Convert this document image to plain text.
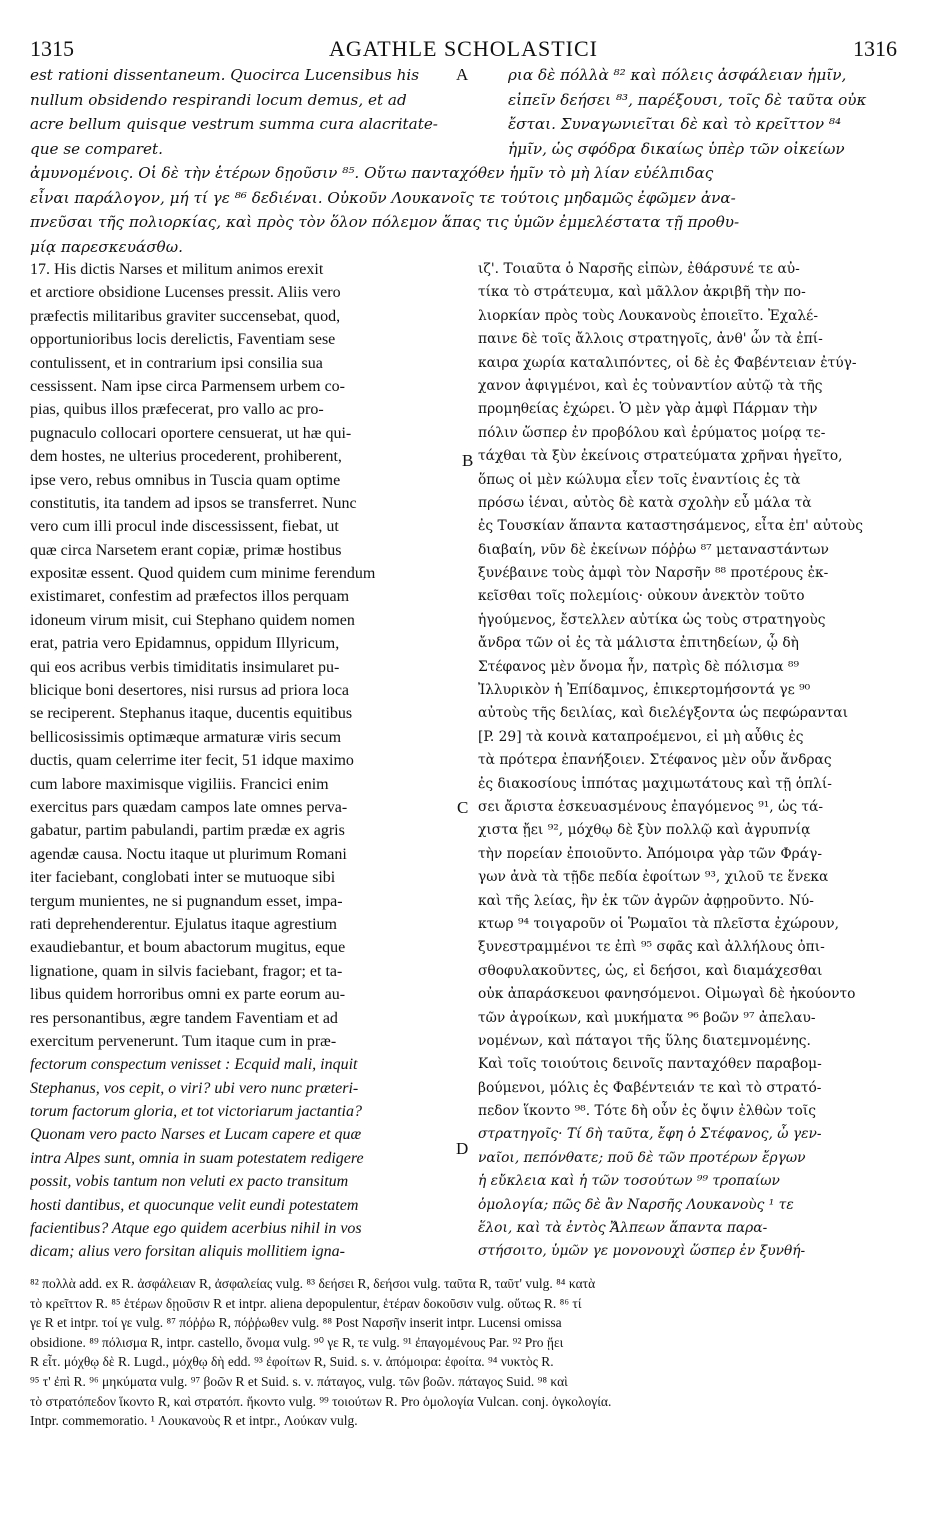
1315	AGATHLE SCHOLASTICI	1316
est rationi dissentaneum. Quocirca Lucensibus his	ρια δὲ πόλλὰ ⁸² καὶ πόλεις ἀσφάλειαν ἡμῖν,
nullum obsidendo respirandi locum demus, et ad	εἰπεῖν δεήσει ⁸³, παρέξουσι, τοῖς δὲ ταῦτα οὐκ
acre bellum quisque vestrum summa cura alacritate-	ἔσται. Συναγωνιεῖται δὲ καὶ τὸ κρεῖττον ⁸⁴
que se comparet.	ἡμῖν, ὡς σφόδρα δικαίως ὑπὲρ τῶν οἰκείων
ἀμυνομένοις. Οἱ δὲ τὴν ἑτέρων δῃοῦσιν ⁸⁵. Οὕτω πανταχόθεν ἡμῖν τὸ μὴ λίαν εὐέλπιδας
εἶναι παράλογον, μή τί γε ⁸⁶ δεδιέναι. Οὐκοῦν Λουκανοῖς τε τούτοις μηδαμῶς ἐφῶμεν ἀνα-
πνεῦσαι τῆς πολιορκίας, καὶ πρὸς τὸν ὅλον πόλεμον ἅπας τις ὑμῶν ἐμμελέστατα τῇ προθυ-
μίᾳ παρεσκευάσθω.
A
B
C
D
17. His dictis Narses et militum animos erexit
et arctiore obsidione Lucenses pressit. Aliis vero
præfectis militaribus graviter succensebat, quod,
opportunioribus locis derelictis, Faventiam sese
contulissent, et in contrarium ipsi consilia sua
cessissent. Nam ipse circa Parmensem urbem co-
pias, quibus illos præfecerat, pro vallo ac pro-
pugnaculo collocari oportere censuerat, ut hæ qui-
dem hostes, ne ulterius procederent, prohiberent,
ipse vero, rebus omnibus in Tuscia quam optime
constitutis, ita tandem ad ipsos se transferret. Nunc
vero cum illi procul inde discessissent, fiebat, ut
quæ circa Narsetem erant copiæ, primæ hostibus
expositæ essent. Quod quidem cum minime ferendum
existimaret, confestim ad præfectos illos perquam
idoneum virum misit, cui Stephano quidem nomen
erat, patria vero Epidamnus, oppidum Illyricum,
qui eos acribus verbis timiditatis insimularet pu-
blicique boni desertores, nisi rursus ad priora loca
se reciperent. Stephanus itaque, ducentis equitibus
bellicosissimis optimæque armaturæ viris secum
ductis, quam celerrime iter fecit, 51 idque maximo
cum labore maximisque vigiliis. Francici enim
exercitus pars quædam campos late omnes perva-
gabatur, partim pabulandi, partim prædæ ex agris
agendæ causa. Noctu itaque ut plurimum Romani
iter faciebant, conglobati inter se mutuoque sibi
tergum munientes, ne si pugnandum esset, impa-
rati deprehenderentur. Ejulatus itaque agrestium
exaudiebantur, et boum abactorum mugitus, eque
lignatione, quam in silvis faciebant, fragor; et ta-
libus quidem horroribus omni ex parte eorum au-
res personantibus, ægre tandem Faventiam et ad
exercitum pervenerunt. Tum itaque cum in præ-
fectorum conspectum venisset : Ecquid mali, inquit
Stephanus, vos cepit, o viri? ubi vero nunc præteri-
torum factorum gloria, et tot victoriarum jactantia?
Quonam vero pacto Narses et Lucam capere et quæ
intra Alpes sunt, omnia in suam potestatem redigere
possit, vobis tantum non veluti ex pacto transitum
hosti dantibus, et quocunque velit eundi potestatem
facientibus? Atque ego quidem acerbius nihil in vos
dicam; alius vero forsitan aliquis mollitiem igna-
ιζ'. Τοιαῦτα ὁ Ναρσῆς εἰπὼν, ἐθάρσυνέ τε αὐ-
τίκα τὸ στράτευμα, καὶ μᾶλλον ἀκριβῆ τὴν πο-
λιορκίαν πρὸς τοὺς Λουκανοὺς ἐποιεῖτο. Ἐχαλέ-
παινε δὲ τοῖς ἄλλοις στρατηγοῖς, ἀνθ' ὧν τὰ ἐπί-
καιρα χωρία καταλιπόντες, οἱ δὲ ἐς Φαβέντειαν ἐτύγ-
χανον ἀφιγμένοι, καὶ ἐς τοὐναντίον αὐτῷ τὰ τῆς
προμηθείας ἐχώρει. Ὁ μὲν γὰρ ἀμφὶ Πάρμαν τὴν
πόλιν ὥσπερ ἐν προβόλου καὶ ἐρύματος μοίρᾳ τε-
τάχθαι τὰ ξὺν ἐκείνοις στρατεύματα χρῆναι ἡγεῖτο,
ὅπως οἱ μὲν κώλυμα εἶεν τοῖς ἐναντίοις ἐς τὰ
πρόσω ἰέναι, αὐτὸς δὲ κατὰ σχολὴν εὖ μάλα τὰ
ἐς Τουσκίαν ἅπαντα καταστησάμενος, εἶτα ἐπ' αὐτοὺς
διαβαίη, νῦν δὲ ἐκείνων πόῤῥω ⁸⁷ μεταναστάντων
ξυνέβαινε τοὺς ἀμφὶ τὸν Ναρσῆν ⁸⁸ προτέρους ἐκ-
κεῖσθαι τοῖς πολεμίοις· οὐκουν ἀνεκτὸν τοῦτο
ἡγούμενος, ἔστελλεν αὐτίκα ὡς τοὺς στρατηγοὺς
ἄνδρα τῶν οἱ ἐς τὰ μάλιστα ἐπιτηδείων, ᾧ δὴ
Στέφανος μὲν ὄνομα ἦν, πατρὶς δὲ πόλισμα ⁸⁹
Ἰλλυρικὸν ἡ Ἐπίδαμνος, ἐπικερτομήσοντά γε ⁹⁰
αὐτοὺς τῆς δειλίας, καὶ διελέγξοντα ὡς πεφώρανται
[P. 29] τὰ κοινὰ καταπροέμενοι, εἰ μὴ αὖθις ἐς
τὰ πρότερα ἐπανήξοιεν. Στέφανος μὲν οὖν ἄνδρας
ἐς διακοσίους ἱππότας μαχιμωτάτους καὶ τῇ ὁπλί-
σει ἄριστα ἐσκευασμένους ἐπαγόμενος ⁹¹, ὡς τά-
χιστα ᾔει ⁹², μόχθῳ δὲ ξὺν πολλῷ καὶ ἀγρυπνίᾳ
τὴν πορείαν ἐποιοῦντο. Ἀπόμοιρα γὰρ τῶν Φράγ-
γων ἀνὰ τὰ τῇδε πεδία ἐφοίτων ⁹³, χιλοῦ τε ἕνεκα
καὶ τῆς λείας, ἣν ἐκ τῶν ἀγρῶν ἀφῃροῦντο. Νύ-
κτωρ ⁹⁴ τοιγαροῦν οἱ Ῥωμαῖοι τὰ πλεῖστα ἐχώρουν,
ξυνεστραμμένοι τε ἐπὶ ⁹⁵ σφᾶς καὶ ἀλλήλους ὀπι-
σθοφυλακοῦντες, ὡς, εἰ δεήσοι, καὶ διαμάχεσθαι
οὐκ ἀπαράσκευοι φανησόμενοι. Οἰμωγαὶ δὲ ἠκούοντο
τῶν ἀγροίκων, καὶ μυκήματα ⁹⁶ βοῶν ⁹⁷ ἀπελαυ-
νομένων, καὶ πάταγοι τῆς ὕλης διατεμνομένης.
Καὶ τοῖς τοιούτοις δεινοῖς πανταχόθεν παραβομ-
βούμενοι, μόλις ἐς Φαβέντειάν τε καὶ τὸ στρατό-
πεδον ἵκοντο ⁹⁸. Τότε δὴ οὖν ἐς ὄψιν ἐλθὼν τοῖς
στρατηγοῖς· Τί δὴ ταῦτα, ἔφη ὁ Στέφανος, ὦ γεν-
ναῖοι, πεπόνθατε; ποῦ δὲ τῶν προτέρων ἔργων
ἡ εὔκλεια καὶ ἡ τῶν τοσούτων ⁹⁹ τροπαίων
ὁμολογία; πῶς δὲ ἂν Ναρσῆς Λουκανοὺς ¹ τε
ἕλοι, καὶ τὰ ἐντὸς Ἄλπεων ἅπαντα παρα-
στήσοιτο, ὑμῶν γε μονονουχὶ ὥσπερ ἐν ξυνθή-
⁸² πολλὰ add. ex R. ἀσφάλειαν R, ἀσφαλείας vulg. ⁸³ δεήσει R, δεήσοι vulg. ταῦτα R, ταῦτ' vulg. ⁸⁴ κατὰ
τὸ κρεῖττον R. ⁸⁵ ἑτέρων δῃοῦσιν R et intpr. aliena depopulentur, ἑτέραν δοκοῦσιν vulg. οὕτως R. ⁸⁶ τί
γε R et intpr. τοί γε vulg. ⁸⁷ πόῤῥω R, πόῤῥωθεν vulg. ⁸⁸ Post Ναρσῆν inserit intpr. Lucensi omissa
obsidione. ⁸⁹ πόλισμα R, intpr. castello, ὄνομα vulg. ⁹⁰ γε R, τε vulg. ⁹¹ ἐπαγομένους Par. ⁹² Pro ᾔει
R εἶτ. μόχθῳ δὲ R. Lugd., μόχθῳ δὴ edd. ⁹³ ἐφοίτων R, Suid. s. v. ἀπόμοιρα: ἐφοίτα. ⁹⁴ νυκτὸς R.
⁹⁵ τ' ἐπὶ R. ⁹⁶ μηκύματα vulg. ⁹⁷ βοῶν R et Suid. s. v. πάταγος, vulg. τῶν βοῶν. πάταγος Suid. ⁹⁸ καὶ
τὸ στρατόπεδον ἵκοντο R, καὶ στρατόπ. ἥκοντο vulg. ⁹⁹ τοιούτων R. Pro ὁμολογία Vulcan. conj. ὀγκολογία.
Intpr. commemoratio. ¹ Λουκανοὺς R et intpr., Λούκαν vulg.
